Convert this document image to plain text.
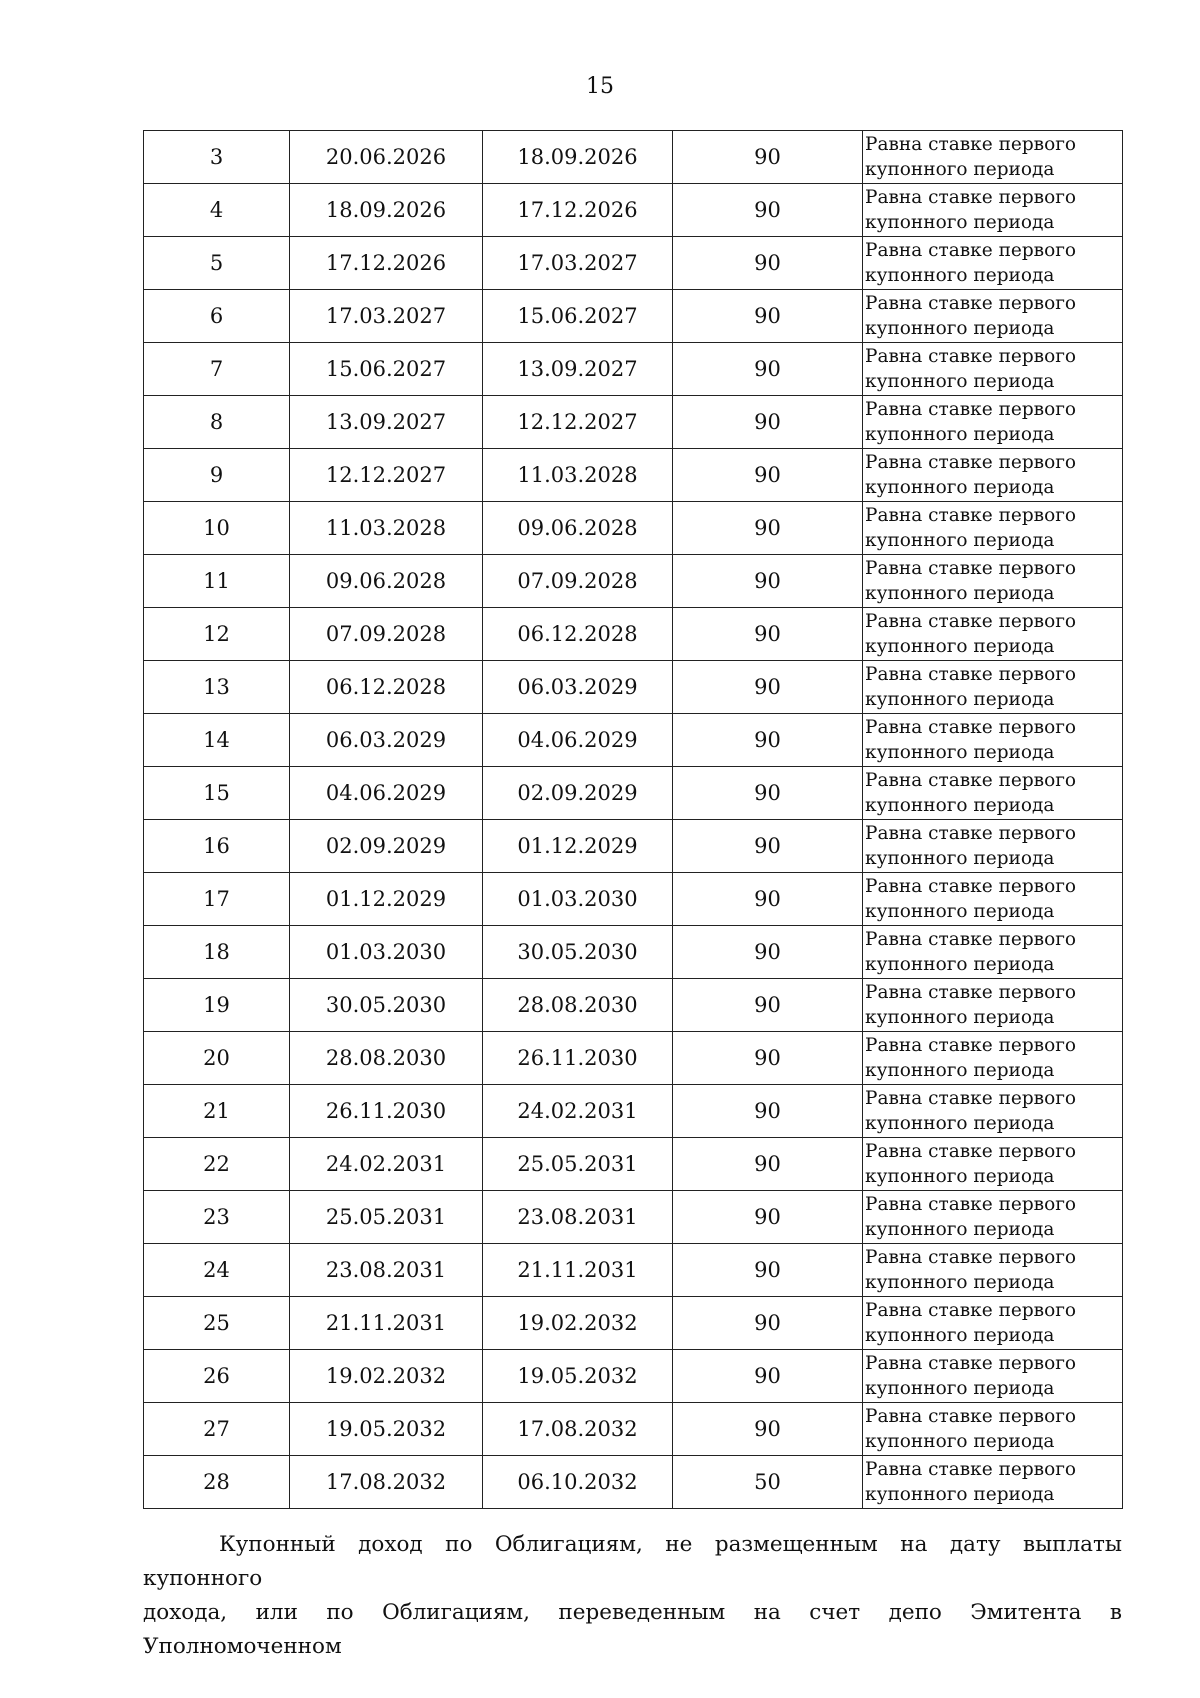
15
3	20.06.2026	18.09.2026	90	Равна ставке первого
купонного периода

4	18.09.2026	17.12.2026	90	Равна ставке первого
купонного периода

5	17.12.2026	17.03.2027	90	Равна ставке первого
купонного периода

6	17.03.2027	15.06.2027	90	Равна ставке первого
купонного периода

7	15.06.2027	13.09.2027	90	Равна ставке первого
купонного периода

8	13.09.2027	12.12.2027	90	Равна ставке первого
купонного периода

9	12.12.2027	11.03.2028	90	Равна ставке первого
купонного периода

10	11.03.2028	09.06.2028	90	Равна ставке первого
купонного периода

11	09.06.2028	07.09.2028	90	Равна ставке первого
купонного периода

12	07.09.2028	06.12.2028	90	Равна ставке первого
купонного периода

13	06.12.2028	06.03.2029	90	Равна ставке первого
купонного периода

14	06.03.2029	04.06.2029	90	Равна ставке первого
купонного периода

15	04.06.2029	02.09.2029	90	Равна ставке первого
купонного периода

16	02.09.2029	01.12.2029	90	Равна ставке первого
купонного периода

17	01.12.2029	01.03.2030	90	Равна ставке первого
купонного периода

18	01.03.2030	30.05.2030	90	Равна ставке первого
купонного периода

19	30.05.2030	28.08.2030	90	Равна ставке первого
купонного периода

20	28.08.2030	26.11.2030	90	Равна ставке первого
купонного периода

21	26.11.2030	24.02.2031	90	Равна ставке первого
купонного периода

22	24.02.2031	25.05.2031	90	Равна ставке первого
купонного периода

23	25.05.2031	23.08.2031	90	Равна ставке первого
купонного периода

24	23.08.2031	21.11.2031	90	Равна ставке первого
купонного периода

25	21.11.2031	19.02.2032	90	Равна ставке первого
купонного периода

26	19.02.2032	19.05.2032	90	Равна ставке первого
купонного периода

27	19.05.2032	17.08.2032	90	Равна ставке первого
купонного периода

28	17.08.2032	06.10.2032	50	Равна ставке первого
купонного периода
Купонный доход по Облигациям, не размещенным на дату выплаты купонного
дохода, или по Облигациям, переведенным на счет депо Эмитента в Уполномоченном
